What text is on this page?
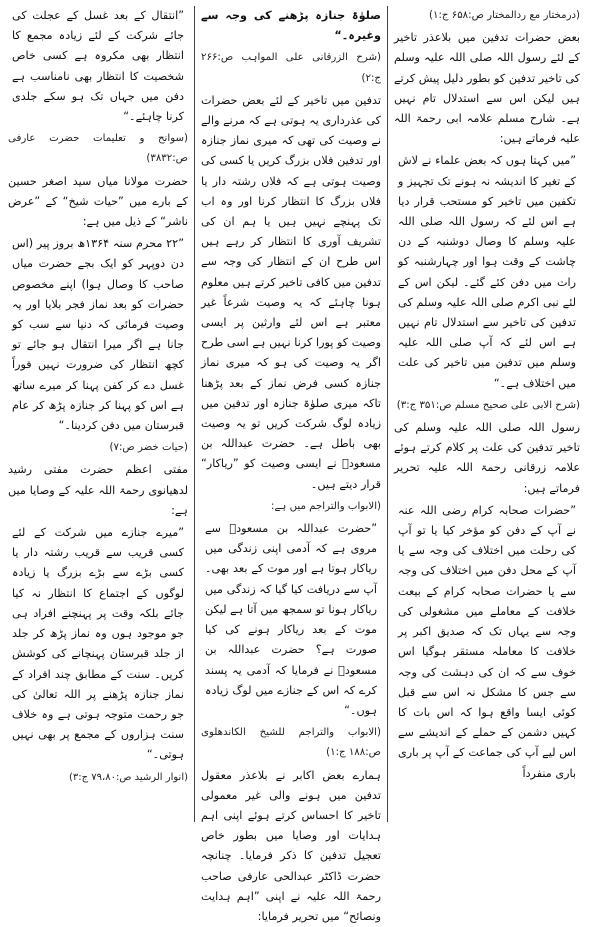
(درمختار مع ردالمختار ص:۶۵۸ ج:۱)

بعض حضرات تدفین میں بلاعذر تاخیر کے لئے رسول اللہ صلی اللہ علیہ وسلم کی تاخیر تدفین کو بطور دلیل پیش کرتے ہیں لیکن اس سے استدلال تام نہیں ہے۔ شارح مسلم علامہ ابی رحمۃ اللہ علیہ فرماتے ہیں:

”میں کہتا ہوں کہ بعض علماء نے لاش کے تغیر کا اندیشہ نہ ہونے تک تجہیز و تکفین میں تاخیر کو مستحب قرار دیا ہے اس لئے کہ رسول اللہ صلی اللہ علیہ وسلم کا وصال دوشنبہ کے دن چاشت کے وقت ہوا اور چہارشنبہ کو رات میں دفن کئے گئے۔ لیکن اس کے لئے نبی اکرم صلی اللہ علیہ وسلم کی تدفین کی تاخیر سے استدلال تام نہیں ہے اس لئے کہ آپ صلی اللہ علیہ وسلم میں تدفین میں تاخیر کی علت میں اختلاف ہے۔“

(شرح الابی علی صحیح مسلم ص:۳۵۱ ج:۳)

رسول اللہ صلی اللہ علیہ وسلم کی تاخیر تدفین کی علت پر کلام کرتے ہوئے علامہ زرقانی رحمۃ اللہ علیہ تحریر فرماتے ہیں:

”حضرات صحابہ کرام رضی اللہ عنہ نے آپ کے دفن کو مؤخر کیا یا تو آپ کی رحلت میں اختلاف کی وجہ سے یا آپ کے محل دفن میں اختلاف کی وجہ سے یا حضرات صحابہ کرام کے بیعت خلافت کے معاملے میں مشغولی کی وجہ سے یہاں تک کہ صدیق اکبر پر خلافت کا معاملہ مستقر ہوگیا اس خوف سے کہ ان کی دہشت کی وجہ سے جس کا مشکل نہ اس سے قبل کوئی ایسا واقع ہوا کہ اس بات کا کہیں دشمن کے حملے کے اندیشے سے اس لیے آپ کی جماعت کے آپ پر باری باری منفرداً

صلوٰۃ جنازہ پڑھنے کی وجہ سے وغیرہ۔“

(شرح الزرقانی علی المواہب ص:۲۶۶ ج:۲)

تدفین میں تاخیر کے لئے بعض حضرات کی عذرداری یہ ہوتی ہے کہ مرنے والے نے وصیت کی تھی کہ میری نماز جنازہ اور تدفین فلاں بزرگ کریں یا کسی کی وصیت ہوتی ہے کہ فلاں رشتہ دار یا فلاں بزرگ کا انتظار کرنا اور وہ اب تک پہنچے نہیں ہیں یا ہم ان کی تشریف آوری کا انتظار کر رہے ہیں اس طرح ان کے انتظار کی وجہ سے تدفین میں کافی تاخیر کرتے ہیں معلوم ہونا چاہئے کہ یہ وصیت شرعاً غیر معتبر ہے اس لئے وارثین پر ایسی وصیت کو پورا کرنا نہیں ہے اسی طرح اگر یہ وصیت کی ہو کہ میری نماز جنازہ کسی فرض نماز کے بعد پڑھنا تاکہ میری صلوٰۃ جنازہ اور تدفین میں زیادہ لوگ شرکت کریں تو یہ وصیت بھی باطل ہے۔ حضرت عبداللہ بن مسعودؓ نے ایسی وصیت کو ”ریاکار“ قرار دیتے ہیں۔

(الابواب والتراجم میں ہے:

”حضرت عبداللہ بن مسعودؓ سے مروی ہے کہ آدمی اپنی زندگی میں ریاکار ہوتا ہے اور موت کے بعد بھی۔ آپ سے دریافت کیا گیا کہ زندگی میں ریاکار ہونا تو سمجھ میں آتا ہے لیکن موت کے بعد ریاکار ہونے کی کیا صورت ہے؟ حضرت عبداللہ بن مسعودؓ نے فرمایا کہ آدمی یہ پسند کرے کہ اس کے جنازے میں لوگ زیادہ ہوں۔“

(الابواب والتراجم للشیخ الکاندھلوی ص:۱۸۸ ج:۱)

ہمارے بعض اکابر نے بلاعذر معقول تدفین میں ہونے والی غیر معمولی تاخیر کا احساس کرتے ہوئے اپنی اہم ہدایات اور وصایا میں بطور خاص تعجیل تدفین کا ذکر فرمایا۔ چنانچہ حضرت ڈاکٹر عبدالحی عارفی صاحب رحمۃ اللہ علیہ نے اپنی ”اہم ہدایت ونصائح“ میں تحریر فرمایا:

”انتقال کے بعد غسل کے عجلت کی جائے شرکت کے لئے زیادہ مجمع کا انتظار بھی مکروہ ہے کسی خاص شخصیت کا انتظار بھی نامناسب ہے دفن میں جہاں تک ہو سکے جلدی کرنا چاہئے۔“

(سوانح و تعلیمات حضرت عارفی ص:۳۸۳۲)

حضرت مولانا میاں سید اصغر حسین کے بارے میں ”حیات شیخ“ کے ”عرض ناشر“ کے ذیل میں ہے:

”۲۲ محرم سنہ ۱۳۶۴ھ بروز پیر (اس دن دوپہر کو ایک بجے حضرت میاں صاحب کا وصال ہوا) اپنے مخصوص حضرات کو بعد نماز فجر بلایا اور یہ وصیت فرمائی کہ دنیا سے سب کو جانا ہے اگر میرا انتقال ہو جائے تو کچھ انتظار کی ضرورت نہیں فوراً غسل دے کر کفن پہنا کر میرے ساتھ ہے اس کو پہنا کر جنازہ پڑھ کر عام قبرستان میں دفن کردینا۔“

(حیات خضر ص:۷)

مفتی اعظم حضرت مفتی رشید لدھیانوی رحمۃ اللہ علیہ کے وصایا میں ہے:

”میرے جنازے میں شرکت کے لئے کسی قریب سے قریب رشتہ دار یا کسی بڑے سے بڑے بزرگ یا زیادہ لوگوں کے اجتماع کا انتظار نہ کیا جائے بلکہ وقت پر پہنچنے افراد ہی جو موجود ہوں وہ نماز پڑھ کر جلد از جلد قبرستان پہنچانے کی کوشش کریں۔ سنت کے مطابق چند افراد کے نماز جنازہ پڑھنے پر اللہ تعالیٰ کی جو رحمت متوجہ ہوتی ہے وہ خلاف سنت ہزاروں کے مجمع پر بھی نہیں ہوتی۔“

(انوار الرشید ص:۷۹،۸۰ ج:۳)
